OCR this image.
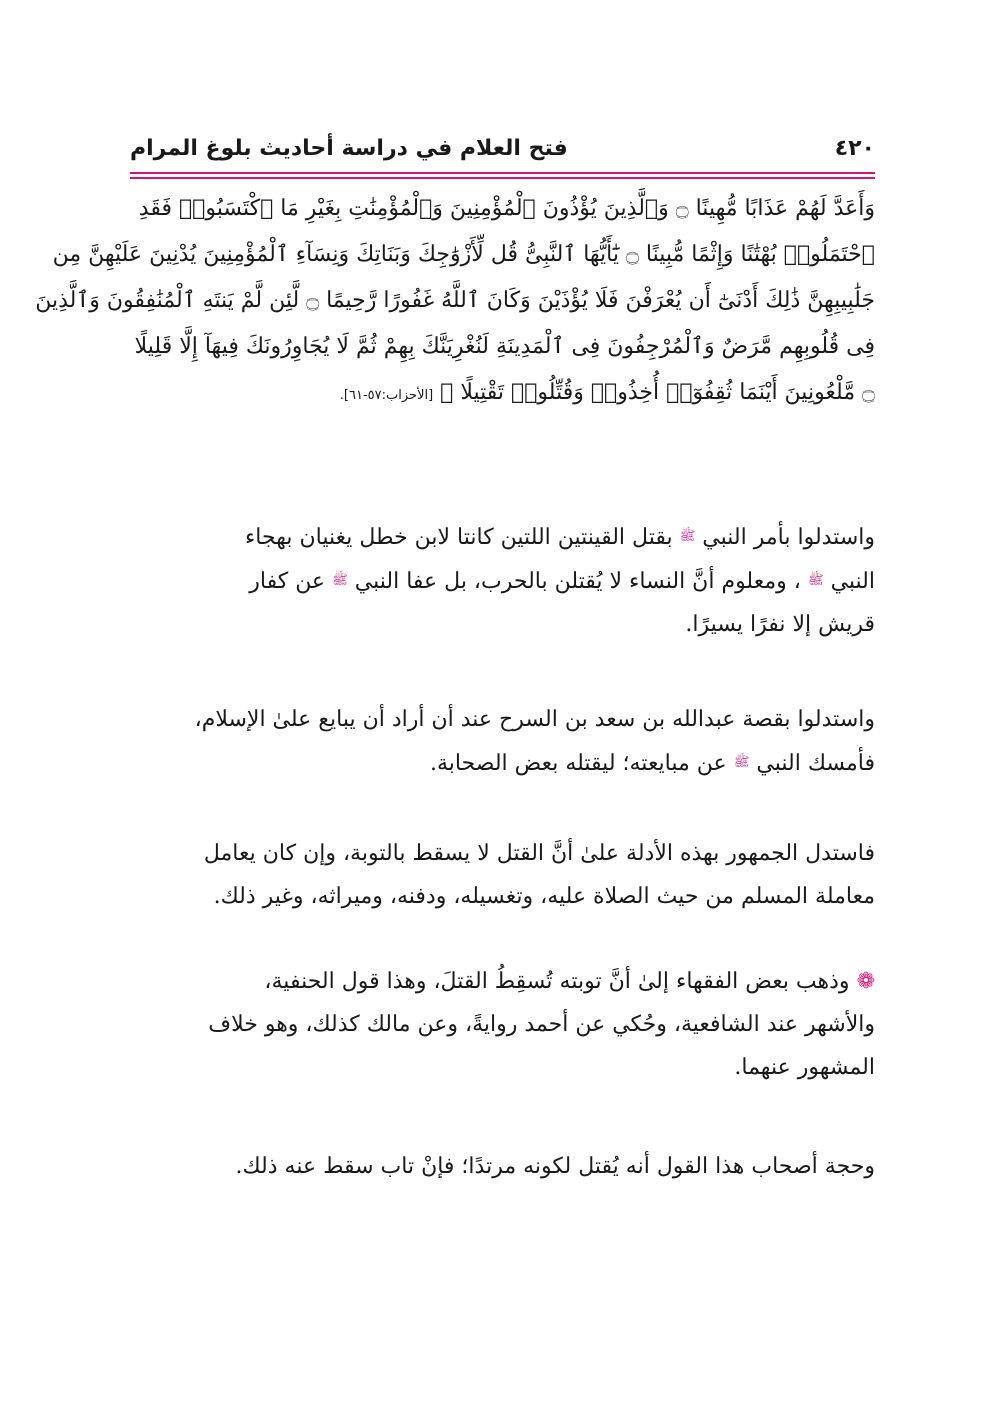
٤٢٠
فتح العلام في دراسة أحاديث بلوغ المرام
وَأَعَدَّ لَهُمْ عَذَابًا مُّهِينًا ۝ وَٱلَّذِينَ يُؤْذُونَ ٱلْمُؤْمِنِينَ وَٱلْمُؤْمِنَٰتِ بِغَيْرِ مَا ٱكْتَسَبُوا۟ فَقَدِ
ٱحْتَمَلُوا۟ بُهْتَٰنًا وَإِثْمًا مُّبِينًا ۝ يَٰٓأَيُّهَا ٱلنَّبِىُّ قُل لِّأَزْوَٰجِكَ وَبَنَاتِكَ وَنِسَآءِ ٱلْمُؤْمِنِينَ يُدْنِينَ عَلَيْهِنَّ مِن
جَلَٰبِيبِهِنَّ ذَٰلِكَ أَدْنَىٰٓ أَن يُعْرَفْنَ فَلَا يُؤْذَيْنَ وَكَانَ ٱللَّهُ غَفُورًا رَّحِيمًا ۝ لَّئِن لَّمْ يَنتَهِ ٱلْمُنَٰفِقُونَ وَٱلَّذِينَ
فِى قُلُوبِهِم مَّرَضٌ وَٱلْمُرْجِفُونَ فِى ٱلْمَدِينَةِ لَنُغْرِيَنَّكَ بِهِمْ ثُمَّ لَا يُجَاوِرُونَكَ فِيهَآ إِلَّا قَلِيلًا
۝ مَّلْعُونِينَ أَيْنَمَا ثُقِفُوٓا۟ أُخِذُوا۟ وَقُتِّلُوا۟ تَقْتِيلًا ﴾ [الأحزاب:٥٧-٦١].
واستدلوا بأمر النبي ﷺ بقتل القينتين اللتين كانتا لابن خطل يغنيان بهجاء
النبي ﷺ ، ومعلوم أنَّ النساء لا يُقتلن بالحرب، بل عفا النبي ﷺ عن كفار
قريش إلا نفرًا يسيرًا.
واستدلوا بقصة عبدالله بن سعد بن السرح عند أن أراد أن يبايع علىٰ الإسلام،
فأمسك النبي ﷺ عن مبايعته؛ ليقتله بعض الصحابة.
فاستدل الجمهور بهذه الأدلة علىٰ أنَّ القتل لا يسقط بالتوبة، وإن كان يعامل
معاملة المسلم من حيث الصلاة عليه، وتغسيله، ودفنه، وميراثه، وغير ذلك.
❁ وذهب بعض الفقهاء إلىٰ أنَّ توبته تُسقِطُ القتلَ، وهذا قول الحنفية،
والأشهر عند الشافعية، وحُكي عن أحمد روايةً، وعن مالك كذلك، وهو خلاف
المشهور عنهما.
وحجة أصحاب هذا القول أنه يُقتل لكونه مرتدًا؛ فإنْ تاب سقط عنه ذلك.
